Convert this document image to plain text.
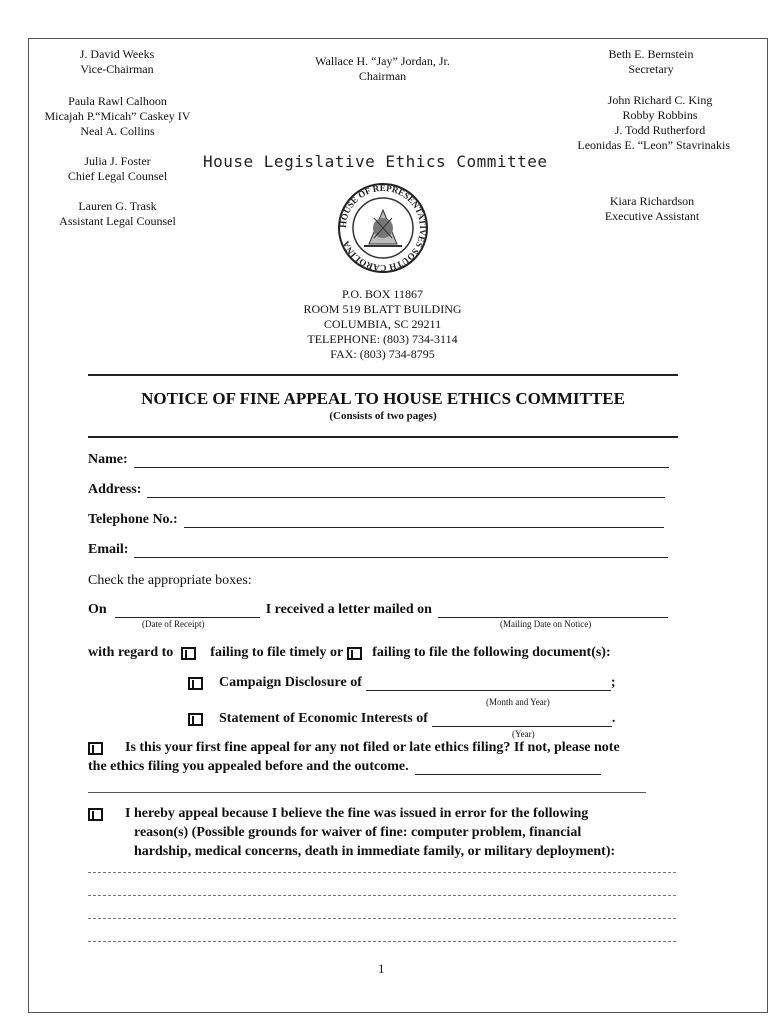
J. David Weeks
Vice-Chairman
Wallace H. “Jay” Jordan, Jr.
Chairman
Beth E. Bernstein
Secretary
Paula Rawl Calhoon
Micajah P.“Micah” Caskey IV
Neal A. Collins
John Richard C. King
Robby Robbins
J. Todd Rutherford
Leonidas E. “Leon” Stavrinakis
Julia J. Foster
Chief Legal Counsel
Lauren G. Trask
Assistant Legal Counsel
Kiara Richardson
Executive Assistant
House Legislative Ethics Committee
HOUSE OF REPRESENTATIVES SOUTH CAROLINA
P.O. BOX 11867
ROOM 519 BLATT BUILDING
COLUMBIA, SC 29211
TELEPHONE: (803) 734-3114
FAX: (803) 734-8795
NOTICE OF FINE APPEAL TO HOUSE ETHICS COMMITTEE
(Consists of two pages)
Name:
Address:
Telephone No.:
Email:
Check the appropriate boxes:
On	I received a letter mailed on
(Date of Receipt)	(Mailing Date on Notice)
with regard to	failing to file timely or failing to file the following document(s):
Campaign Disclosure of	;
(Month and Year)
Statement of Economic Interests of	.
(Year)
Is this your first fine appeal for any not filed or late ethics filing? If not, please note
the ethics filing you appealed before and the outcome.
I hereby appeal because I believe the fine was issued in error for the following
reason(s) (Possible grounds for waiver of fine: computer problem, financial
hardship, medical concerns, death in immediate family, or military deployment):
1
